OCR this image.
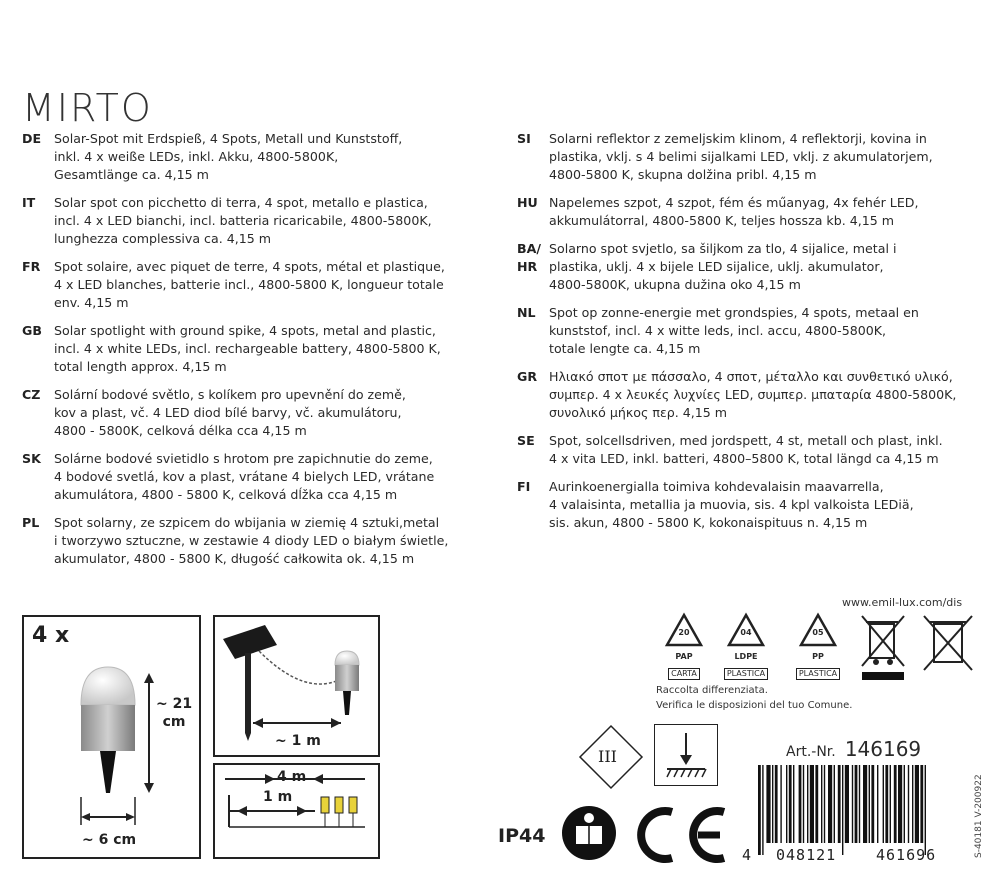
MIRTO
DE	Solar-Spot mit Erdspieß, 4 Spots, Metall und Kunststoff,
inkl. 4 x weiße LEDs, inkl. Akku, 4800-5800K,
Gesamtlänge ca. 4,15 m
IT	Solar spot con picchetto di terra, 4 spot, metallo e plastica,
incl. 4 x LED bianchi, incl. batteria ricaricabile, 4800-5800K,
lunghezza complessiva ca. 4,15 m
FR	Spot solaire, avec piquet de terre, 4 spots, métal et plastique,
4 x LED blanches, batterie incl., 4800-5800 K, longueur totale
env. 4,15 m
GB Solar spotlight with ground spike, 4 spots, metal and plastic,
incl. 4 x white LEDs, incl. rechargeable battery, 4800-5800 K,
total length approx. 4,15 m
CZ	Solární bodové světlo, s kolíkem pro upevnění do země,
kov a plast, vč. 4 LED diod bílé barvy, vč. akumulátoru,
4800 - 5800K, celková délka cca 4,15 m
SK	Solárne bodové svietidlo s hrotom pre zapichnutie do zeme,
4 bodové svetlá, kov a plast, vrátane 4 bielych LED, vrátane
akumulátora, 4800 - 5800 K, celková dĺžka cca 4,15 m
PL	Spot solarny, ze szpicem do wbijania w ziemię 4 sztuki,metal
i tworzywo sztuczne, w zestawie 4 diody LED o białym świetle,
akumulator, 4800 - 5800 K, długość całkowita ok. 4,15 m
SI	Solarni reflektor z zemeljskim klinom, 4 reflektorji, kovina in
plastika, vklj. s 4 belimi sijalkami LED, vklj. z akumulatorjem,
4800-5800 K, skupna dolžina pribl. 4,15 m
HU Napelemes szpot, 4 szpot, fém és műanyag, 4x fehér LED,
akkumulátorral, 4800-5800 K, teljes hossza kb. 4,15 m
BA/
HR
Solarno spot svjetlo, sa šiljkom za tlo, 4 sijalice, metal i
plastika, uklj. 4 x bijele LED sijalice, uklj. akumulator,
4800-5800K, ukupna dužina oko 4,15 m
NL	Spot op zonne-energie met grondspies, 4 spots, metaal en
kunststof, incl. 4 x witte leds, incl. accu, 4800-5800K,
totale lengte ca. 4,15 m
GR Ηλιακό σποτ με πάσσαλο, 4 σποτ, μέταλλο και συνθετικό υλικό,
συμπερ. 4 x λευκές λυχνίες LED, συμπερ. μπαταρία 4800-5800K,
συνολικό μήκος περ. 4,15 m
SE	Spot, solcellsdriven, med jordspett, 4 st, metall och plast, inkl.
4 x vita LED, inkl. batteri, 4800–5800 K, total längd ca 4,15 m
FI	Aurinkoenergialla toimiva kohdevalaisin maavarrella,
4 valaisinta, metallia ja muovia, sis. 4 kpl valkoista LEDiä,
sis. akun, 4800 - 5800 K, kokonaispituus n. 4,15 m
4 x
~ 21
cm
~ 6 cm
~ 1 m
4 m
1 m
www.emil-lux.com/dis
20
PAP
CARTA
04
LDPE
PLASTICA
05
PP
PLASTICA
Raccolta differenziata.
Verifica le disposizioni del tuo Comune.
III	Art.-Nr. 146169
IP44
4 048121	461696	S-40181 V-200922
